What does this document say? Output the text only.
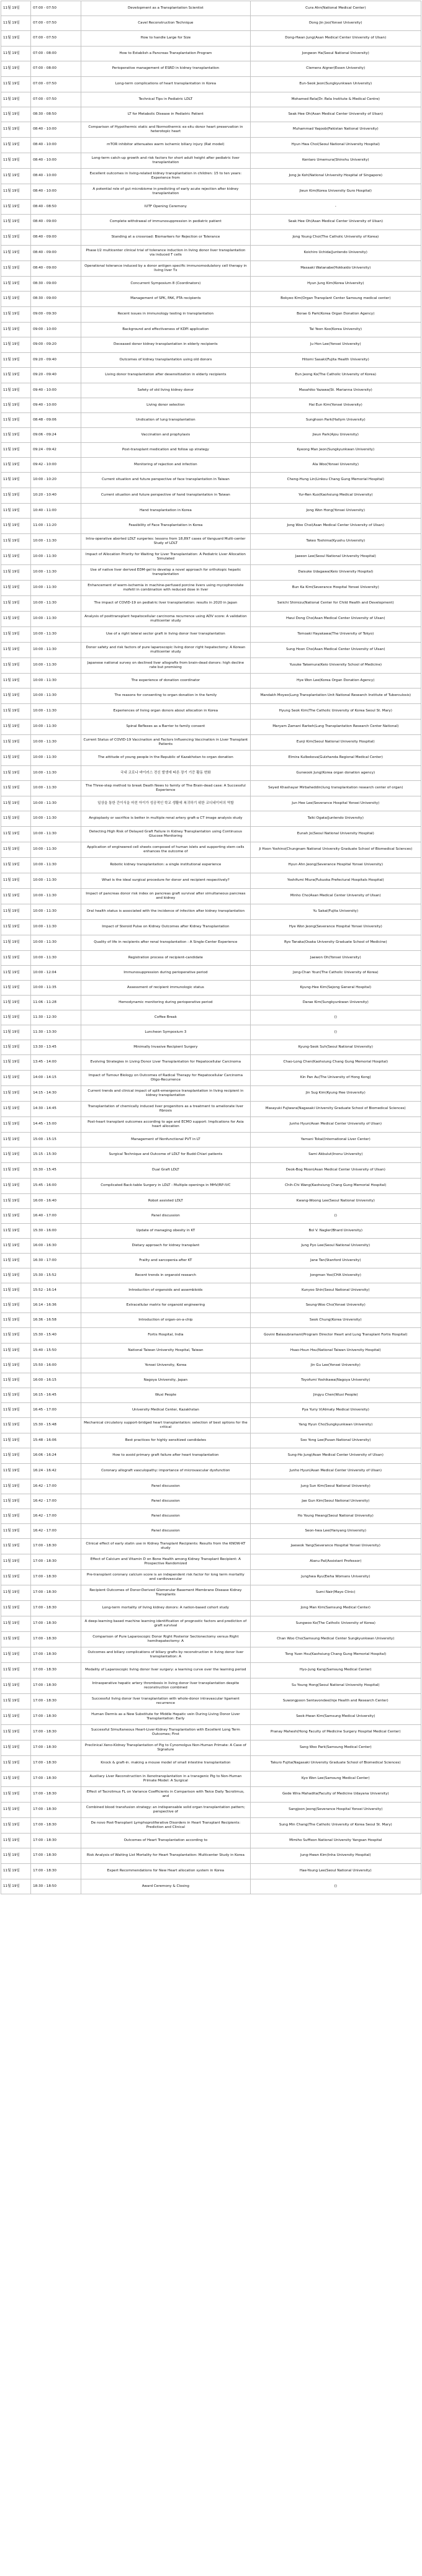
11월 19일	07:00 - 07:50	Development as a Transplantation Scientist	Cura Ahn(National Medical Center)
11월 19일	07:00 - 07:50	Cavel Reconstruction Technique	Dong Jin Joo(Yonsei University)
11월 19일	07:00 - 07:50	How to handle Large for Size	Dong-Hwan Jung(Asan Medical Center University of Ulsan)
11월 19일	07:00 - 08:00	How to Establish a Pancreas Transplantation Program	Jongwon Ha(Seoul National University)
11월 19일	07:00 - 08:00	Perioperative management of ESRD in kidney transplantation	Clemens Aigner(Essen University)
11월 19일	07:00 - 07:50	Long-term complications of heart transplantation in Korea	Eun-Seok Jeon(Sungkyunkwan University)
11월 19일	07:00 - 07:50	Technical Tips in Pediatric LDLT	Mohamed Rela(Dr. Rela Institute & Medical Centre)
11월 19일	08:30 - 08:50	LT for Metabolic Disease in Pediatric Patient	Seak Hee Oh(Asan Medical Center University of Ulsan)
11월 19일	08:40 - 10:00	Comparison of Hypothermic static and Normothermic ex-situ donor heart preservation in heterotopic heart	Muhammad Yaqoob(Pakistan National University)
11월 19일	08:40 - 10:00	mTOR inhibitor attenuates warm ischemic biliary injury (Rat model)	Hyun Hwa Choi(Seoul National University Hospital)
11월 19일	08:40 - 10:00	Long-term catch-up growth and risk factors for short adult height after pediatric liver transplantation	Kentaro Umemura(Shinshu University)
11월 19일	08:40 - 10:00	Excellent outcomes in living-related kidney transplantation in children: 15 to ten years: Experience from	Jong Je Koh(National University Hospital of Singapore)
11월 19일	08:40 - 10:00	A potential role of gut microbiome in predicting of early acute rejection after kidney transplantation	Jieun Kim(Korea University Guro Hospital)
11월 19일	08:40 - 08:50	IUTF Opening Ceremony	-
11월 19일	08:40 - 09:00	Complete withdrawal of immunosuppression in pediatric patient	Seak Hee Oh(Asan Medical Center University of Ulsan)
11월 19일	08:40 - 09:00	Standing at a crossroad: Biomarkers for Rejection or Tolerance	Jong Young Choi(The Catholic University of Korea)
11월 19일	08:40 - 09:00	Phase I/2 multicenter clinical trial of tolerance induction in living donor liver transplantation via induced T cells	Koichiro Uchida(Juntendo University)
11월 19일	08:40 - 09:00	Operational tolerance induced by a donor antigen specific immunomodulatory cell therapy in living liver Tx	Masaaki Watanabe(Hokkaido University)
11월 19일	08:30 - 09:00	Concurrent Symposium 8 (Coordinators)	Hyun Jung Kim(Korea University)
11월 19일	08:30 - 09:00	Management of SPK, PAK, PTA recipients	Bokyeo Kim(Organ Transplant Center Samsung medical center)
11월 19일	09:00 - 09:30	Recent issues in immunology testing in transplantation	Borae G Park(Korea Organ Donation Agency)
11월 19일	09:00 - 10:00	Background and effectiveness of KDPI application	Tai Yeon Koo(Korea University)
11월 19일	09:00 - 09:20	Deceased donor kidney transplantation in elderly recipients	Ju Hon Lee(Yonsei University)
11월 19일	09:20 - 09:40	Outcomes of kidney transplantation using old donors	Hitomi Sasaki(Fujita Health University)
11월 19일	09:20 - 09:40	Living donor transplantation after desensitization in elderly recipients	Eun Jeong Ko(The Catholic University of Korea)
11월 19일	09:40 - 10:00	Safety of old living kidney donor	Masahiko Yazawa(St. Marianna University)
11월 19일	09:40 - 10:00	Living donor selection	Hai Eun Kim(Yonsei University)
11월 19일	08:48 - 09:06	Undication of lung transplantation	Sunghoon Park(Hallym University)
11월 19일	09:06 - 09:24	Vaccination and prophylaxis	Jieun Park(Ajou University)
11월 19일	09:24 - 09:42	Post-transplant medication and follow up strategy	Kyeong Man Jeon(Sungkyunkwan University)
11월 19일	09:42 - 10:00	Monitoring of rejection and infection	Ala Woo(Yonsei University)
11월 19일	10:00 - 10:20	Current situation and future perspective of face transplantation in Taiwan	Cheng-Hung Lin(Linkou Chang Gung Memorial Hospital)
11월 19일	10:20 - 10:40	Current situation and future perspective of hand transplantation in Taiwan	Yur-Ren Kuo(Kaohsiung Medical University)
11월 19일	10:40 - 11:00	Hand transplantation in Korea	Jong Won Hong(Yonsei University)
11월 19일	11:00 - 11:20	Feasibility of Face Transplantation in Korea	Jong Woo Choi(Asan Medical Center University of Ulsan)
11월 19일	10:00 - 11:30	Intra-operative aborted LDLT surgeries: lessons from 18,897 cases of Vanguard Multi-center Study of LDLT	Takeo Toshima(Kyushu University)
11월 19일	10:00 - 11:30	Impact of Allocation Priority for Waiting for Liver Transplantation: A Pediatric Liver Allocation Simulated	Jaeeon Lee(Seoul National University Hospital)
11월 19일	10:00 - 11:30	Use of native liver derived EDM-gel to develop a novel approach for orthotopic hepatic transplantation	Daisuke Udagawa(Keio University Hospital)
11월 19일	10:00 - 11:30	Enhancement of warm-ischemia in machine-perfused porcine livers using mycophenolate mofetil in combination with reduced dose in liver	Bun Ka Kim(Severance Hospital Yonsei University)
11월 19일	10:00 - 11:30	The impact of COVID-19 on pediatric liver transplantation: results in 2020 in Japan	Seiichi Shimizu(National Center for Child Health and Development)
11월 19일	10:00 - 11:30	Analysis of posttransplant hepatocellular carcinoma recurrence using ADV score: A validation multicenter study	Hwui Dong Cho(Asan Medical Center University of Ulsan)
11월 19일	10:00 - 11:30	Use of a right lateral sector graft in living donor liver transplantation	Tomoaki Hayakawa(The University of Tokyo)
11월 19일	10:00 - 11:30	Donor safety and risk factors of pure laparoscopic living donor right hepatectomy: A Korean multicenter study	Sung Hoon Cho(Asan Medical Center University of Ulsan)
11월 19일	10:00 - 11:30	Japanese national survey on declined liver allografts from brain-dead donors: high decline rate but promising	Yusuke Takemura(Keio University School of Medicine)
11월 19일	10:00 - 11:30	The experience of donation coordinator	Hye Won Lee(Korea Organ Donation Agency)
11월 19일	10:00 - 11:30	The reasons for consenting to organ donation in the family	Mandakh Moyeo(Lung Transplantation Unit National Research Institute of Tuberculosis)
11월 19일	10:00 - 11:30	Experiences of living organ donors about allocation in Korea	Hyung Seok Kim(The Catholic University of Korea Seoul St. Mary)
11월 19일	10:00 - 11:30	Spinal Reflexes as a Barrier to family consent	Maryam Zamani Rarkeh(Lung Transplantation Research Center National)
11월 19일	10:00 - 11:30	Current Status of COVID-19 Vaccination and Factors Influencing Vaccination in Liver Transplant Patients	Eunji Kim(Seoul National University Hospital)
11월 19일	10:00 - 11:30	The attitude of young people in the Republic of Kazakhstan to organ donation	Elmira Kulbekova(Gulzhanda Regional Medical Center)
11월 19일	10:00 - 11:30	국내 코로나 바이러스 전신 발생에 따른 장기 기증 활동 변화	Gunwook Jung(Korea organ donation agency)
11월 19일	10:00 - 11:30	The Three-step method to break Death News to family of The Brain-dead case: A Successful Experience	Seyed Khashayar Mirbaheddin(lung transplantation research center of organ)
11월 19일	10:00 - 11:30	일상을 통한 간이식을 마친 아이가 성공적인 학교 생활에 복귀하기 위한 코디네이터의 역할	Jun Hee Lee(Severance Hospital Yonsei University)
11월 19일	10:00 - 11:30	Angioplasty or sacrifice is better in multiple renal artery graft-a CT image analysis study	Taiki Ogata(Juntendo University)
11월 19일	10:00 - 11:30	Detecting High Risk of Delayed Graft Failure in Kidney Transplantation using Continuous Glucose Monitoring	Eunah Jo(Seoul National University Hospital)
11월 19일	10:00 - 11:30	Application of engineered cell sheets composed of human islets and supporting stem cells enhances the outcome of	Ji Hoon Yoshino(Chungnam National University Graduate School of Biomedical Sciences)
11월 19일	10:00 - 11:30	Robotic kidney transplantation: a single institutional experience	Hyun Ahn Jeong(Severance Hospital Yonsei University)
11월 19일	10:00 - 11:30	What is the ideal surgical procedure for donor and recipient respectively?	Yoshifumi Miura(Fukuoka Prefectural Hospitals Hospital)
11월 19일	10:00 - 11:30	Impact of pancreas donor risk index on pancreas graft survival after simultaneous pancreas and kidney	Minho Cho(Asan Medical Center University of Ulsan)
11월 19일	10:00 - 11:30	Oral health status is associated with the incidence of infection after kidney transplantation	Yu Sakai(Fujita University)
11월 19일	10:00 - 11:30	Impact of Steroid Pulse on Kidney Outcomes after Kidney Transplantation	Hye Won Jeong(Severance Hospital Yonsei University)
11월 19일	10:00 - 11:30	Quality of life in recipients after renal transplantation : A Single-Center Experience	Ryo Tanaka(Osaka University Graduate School of Medicine)
11월 19일	10:00 - 11:30	Registration process of recipient-candidate	Jaewon Oh(Yonsei University)
11월 19일	10:00 - 12:04	Immunosuppression during perioperative period	Jong-Chan Youn(The Catholic University of Korea)
11월 19일	10:00 - 11:35	Assessment of recipient immunologic status	Kyung-Hee Kim(Sejong General Hospital)
11월 19일	11:06 - 11:28	Hemodynamic monitoring during perioperative period	Darae Kim(Sungkyunkwan University)
11월 19일	11:30 - 12:30	Coffee Break	()
11월 19일	11:30 - 13:30	Luncheon Symposium 3	()
11월 19일	13:30 - 13:45	Minimally Invasive Recipient Surgery	Kyung-Seok Suh(Seoul National University)
11월 19일	13:45 - 14:00	Evolving Strategies in Living Donor Liver Transplantation for Hepatocellular Carcinoma	Chao-Long Chen(Kaohsiung Chang Gung Memorial Hospital)
11월 19일	14:00 - 14:15	Impact of Tumour Biology on Outcomes of Radical Therapy for Hepatocellular Carcinoma Oligo-Recurrence	Kin Pan Au(The University of Hong Kong)
11월 19일	14:15 - 14:30	Current trends and clinical impact of split-emergence transplantation in living recipient in kidney transplantation	Jin Sug Kim(Kyung Hee University)
11월 19일	14:30 - 14:45	Transplantation of chemically induced liver progenitors as a treatment to ameliorate liver fibrosis	Masayuki Fujiwara(Nagasaki University Graduate School of Biomedical Sciences)
11월 19일	14:45 - 15:00	Post-heart transplant outcomes according to age and ECMO support: Implications for Asia heart allocation	Junho Hyun(Asan Medical Center University of Ulsan)
11월 19일	15:00 - 15:15	Management of Nonfunctional PVT in LT	Yamani Tokai(International Liver Center)
11월 19일	15:15 - 15:30	Surgical Technique and Outcome of LDLT for Budd-Chiari patients	Sami Akbulut(Inonu University)
11월 19일	15:30 - 15:45	Dual Graft LDLT	Deok-Bog Moon(Asan Medical Center University of Ulsan)
11월 19일	15:45 - 16:00	Complicated Back-table Surgery in LDLT - Multiple openings in MHV/RP-IVC	Chih-Chi Wang(Kaohsiung Chang Gung Memorial Hospital)
11월 19일	16:00 - 16:40	Robot assisted LDLT	Kwang-Woong Lee(Seoul National University)
11월 19일	16:40 - 17:00	Panel discussion	()
11월 19일	15:30 - 16:00	Update of managing obesity in KT	Bol V. Nagler(Bhard University)
11월 19일	16:00 - 16:30	Dietary approach for kidney transplant	Jung Pyo Lee(Seoul National University)
11월 19일	16:30 - 17:00	Frailty and sarcopenia after KT	Jane Tan(Stanford University)
11월 19일	15:30 - 15:52	Recent trends in organoid research	Jongman Yoo(CHA University)
11월 19일	15:52 - 16:14	Introduction of organoids and assembloids	Kunyoo Shin(Seoul National University)
11월 19일	16:14 - 16:36	Extracellular matrix for organoid engineering	Seung-Woo Cho(Yonsei University)
11월 19일	16:36 - 16:58	Introduction of organ-on-a-chip	Seok Chung(Korea University)
11월 19일	15:30 - 15:40	Fortis Hospital, India	Govini Balasubramani(Program Director Heart and Lung Transplant Fortis Hospital)
11월 19일	15:40 - 15:50	National Taiwan University Hospital, Taiwan	Hsao-Hsun Hsu(National Taiwan University Hospital)
11월 19일	15:50 - 16:00	Yonsei University, Korea	Jin Gu Lee(Yonsei University)
11월 19일	16:00 - 16:15	Nagoya University, Japan	Toyofumi Yoshikawa(Nagoya University)
11월 19일	16:15 - 16:45	Wuxi People	Jingyu Chen(Wuxi People)
11월 19일	16:45 - 17:00	University Medical Center, Kazakhstan	Pya Yuriy V(Almaty Medical University)
11월 19일	15:30 - 15:48	Mechanical circulatory support-bridged heart transplantation: selection of best options for the critical	Yang Hyun Cho(Sungkyunkwan University)
11월 19일	15:48 - 16:06	Best practices for highly sensitized candidates	Soo Yong Lee(Pusan National University)
11월 19일	16:06 - 16:24	How to avoid primary graft failure after heart transplantation	Sung-Ho Jung(Asan Medical Center University of Ulsan)
11월 19일	16:24 - 16:42	Coronary allograft vasculopathy: importance of microvascular dysfunction	Junho Hyun(Asan Medical Center University of Ulsan)
11월 19일	16:42 - 17:00	Panel discussion	Jung Sun Kim(Seoul National University)
11월 19일	16:42 - 17:00	Panel discussion	Jae Gun Kim(Seoul National University)
11월 19일	16:42 - 17:00	Panel discussion	Ho Young Hwang(Seoul National University)
11월 19일	16:42 - 17:00	Panel discussion	Seon-hwa Lee(Hanyang University)
11월 19일	17:00 - 18:30	Clinical effect of early statin use in Kidney Transplant Recipients: Results from the KNOW-KT study	Jaeseok Yang(Severance Hospital Yonsei University)
11월 19일	17:00 - 18:30	Effect of Calcium and Vitamin D on Bone Health among Kidney Transplant Recipient: A Prospective Randomized	Alanu Pal(Assistant Professor)
11월 19일	17:00 - 18:30	Pre-transplant coronary calcium score is an independent risk factor for long term mortality and cardiovascular	Junghwa Ryu(Ewha Womans University)
11월 19일	17:00 - 18:30	Recipient Outcomes of Donor-Derived Glomerular Basement Membrane Disease Kidney Transplants	Sumi Nair(Mayo Clinic)
11월 19일	17:00 - 18:30	Long-term mortality of living kidney donors: A nation-based cohort study	Jong Man Kim(Samsung Medical Center)
11월 19일	17:00 - 18:30	A deep-learning based machine learning identification of prognostic factors and prediction of graft survival	Sungwoo Ko(The Catholic University of Korea)
11월 19일	17:00 - 18:30	Comparison of Pure Laparoscopic Donor Right Posterior Sectionectomy versus Right hemihepatectomy: A	Chan Woo Cho(Samsung Medical Center Sungkyunkwan University)
11월 19일	17:00 - 18:30	Outcomes and biliary complications of biliary grafts by reconstruction in living donor liver transplantation: A	Tong Yuen Hsu(Kaohsiung Chang Gung Memorial Hospital)
11월 19일	17:00 - 18:30	Modality of Laparoscopic living donor liver surgery: a learning curve over the learning period	Hyo-Jung Kang(Samsung Medical Center)
11월 19일	17:00 - 18:30	Intraoperative hepatic artery thrombosis in living donor liver transplantation despite reconstruction combined	Su Young Hong(Seoul National University Hospital)
11월 19일	17:00 - 18:30	Successful living donor liver transplantation with whole-donor intravascular ligament recurrence	Suwongpoon Sentavondee(Inje Health and Research Center)
11월 19일	17:00 - 18:30	Human Dermis as a New Substitute for Middle Hepatic vein During Living Donor Liver Transplantation: Early	Seok-Hwan Kim(Samsung Medical University)
11월 19일	17:00 - 18:30	Successful Simultaneous Heart-Liver-Kidney Transplantation with Excellent Long Term Outcomes; First	Pranay Mahesh(Hong Faculty of Medicine Surgery Hospital Medical Center)
11월 19일	17:00 - 18:30	Preclinical Xeno-Kidney Transplantation of Pig to Cynomolgus Non-Human Primate: A Case of Signature	Sang Woo Park(Samsung Medical Center)
11월 19일	17:00 - 18:30	Knock & graft-in. making a mouse model of small intestine transplantation	Takuro Fujita(Nagasaki University Graduate School of Biomedical Sciences)
11월 19일	17:00 - 18:30	Auxiliary Liver Reconstruction in Xenotransplantation in a transgenic Pig to Non-Human Primate Model: A Surgical	Kyo Won Lee(Samsung Medical Center)
11월 19일	17:00 - 18:30	Effect of Tacrolimus FL on Variance Coefficients in Comparison with Twice Daily Tacrolimus, and	Gede Wira Mahadita(Faculty of Medicine Udayana University)
11월 19일	17:00 - 18:30	Combined blood transfusion strategy: an indispensable solid organ transplantation pattern; perspective of	Sangjoon Jeong(Severance Hospital Yonsei University)
11월 19일	17:00 - 18:30	De novo Post-Transplant Lymphoproliferative Disorders in Heart Transplant Recipients: Prediction and Clinical	Sung Min Chang(The Catholic University of Korea Seoul St. Mary)
11월 19일	17:00 - 18:30	Outcomes of Heart Transplantation according to	Mimiho Suffixon National University Yangsan Hospital
11월 19일	17:00 - 18:30	Risk Analysis of Waiting List Mortality for Heart Transplantation: Multicenter Study in Korea	Jung-Hwan Kim(Inha University Hospital)
11월 19일	17:00 - 18:30	Expert Recommendations for New Heart allocation system in Korea	Hae-Young Lee(Seoul National University)
11월 19일	18:30 - 18:50	Award Ceremony & Closing	()
